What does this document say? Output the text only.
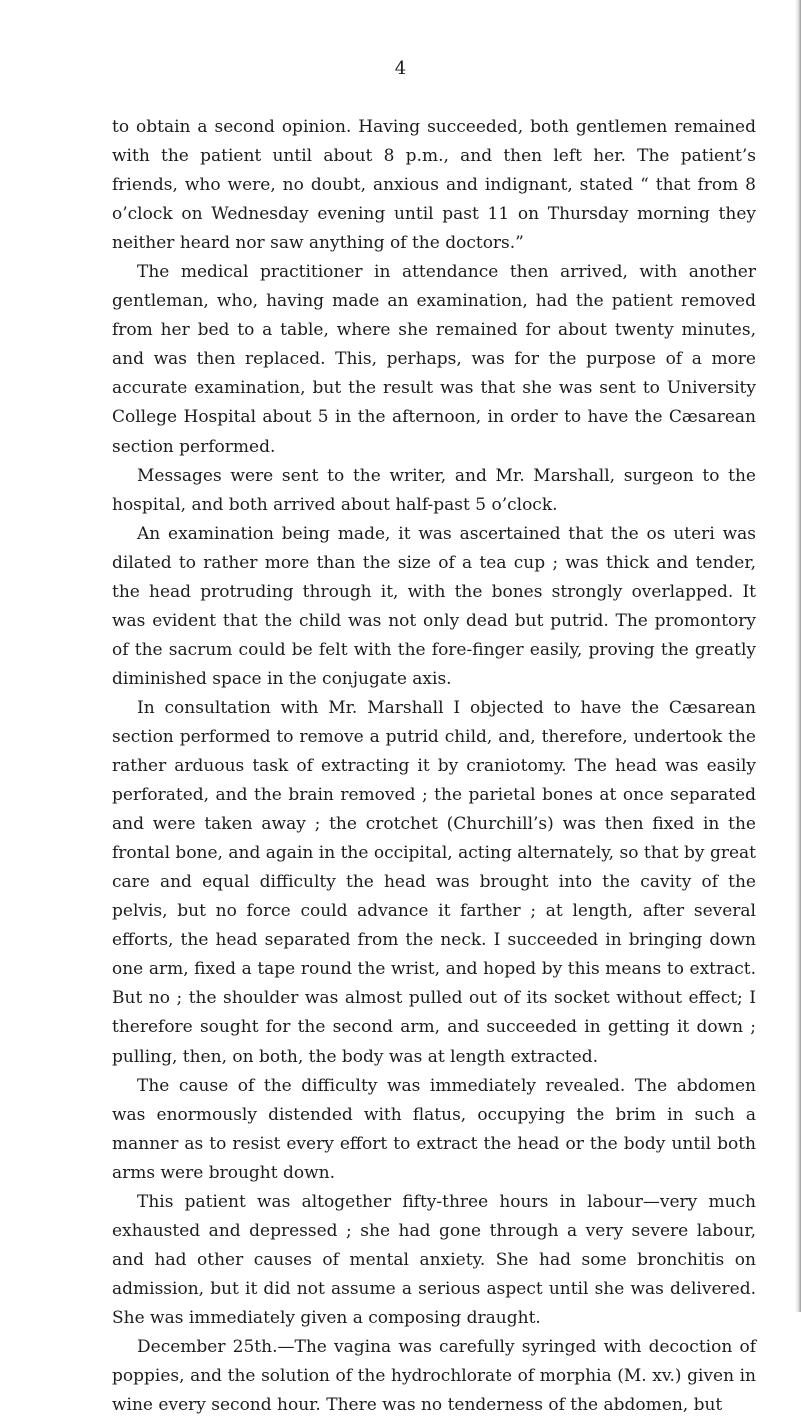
4

to obtain a second opinion. Having succeeded, both gentlemen remained with the patient until about 8 p.m., and then left her. The patient’s friends, who were, no doubt, anxious and indignant, stated “ that from 8 o’clock on Wednesday evening until past 11 on Thursday morning they neither heard nor saw anything of the doctors.”

The medical practitioner in attendance then arrived, with another gentleman, who, having made an examination, had the patient removed from her bed to a table, where she remained for about twenty minutes, and was then replaced. This, perhaps, was for the purpose of a more accurate examination, but the result was that she was sent to University College Hospital about 5 in the afternoon, in order to have the Cæsarean section performed.

Messages were sent to the writer, and Mr. Marshall, surgeon to the hospital, and both arrived about half-past 5 o’clock.

An examination being made, it was ascertained that the os uteri was dilated to rather more than the size of a tea cup ; was thick and tender, the head protruding through it, with the bones strongly overlapped. It was evident that the child was not only dead but putrid. The promontory of the sacrum could be felt with the fore-finger easily, proving the greatly diminished space in the conjugate axis.

In consultation with Mr. Marshall I objected to have the Cæsarean section performed to remove a putrid child, and, therefore, undertook the rather arduous task of extracting it by craniotomy. The head was easily perforated, and the brain removed ; the parietal bones at once separated and were taken away ; the crotchet (Churchill’s) was then fixed in the frontal bone, and again in the occipital, acting alternately, so that by great care and equal difficulty the head was brought into the cavity of the pelvis, but no force could advance it farther ; at length, after several efforts, the head separated from the neck. I succeeded in bringing down one arm, fixed a tape round the wrist, and hoped by this means to extract. But no ; the shoulder was almost pulled out of its socket without effect; I therefore sought for the second arm, and succeeded in getting it down ; pulling, then, on both, the body was at length extracted.

The cause of the difficulty was immediately revealed. The abdomen was enormously distended with flatus, occupying the brim in such a manner as to resist every effort to extract the head or the body until both arms were brought down.

This patient was altogether fifty-three hours in labour—very much exhausted and depressed ; she had gone through a very severe labour, and had other causes of mental anxiety. She had some bronchitis on admission, but it did not assume a serious aspect until she was delivered. She was immediately given a composing draught.

December 25th.—The vagina was carefully syringed with decoction of poppies, and the solution of the hydrochlorate of morphia (M. xv.) given in wine every second hour. There was no tenderness of the abdomen, but
